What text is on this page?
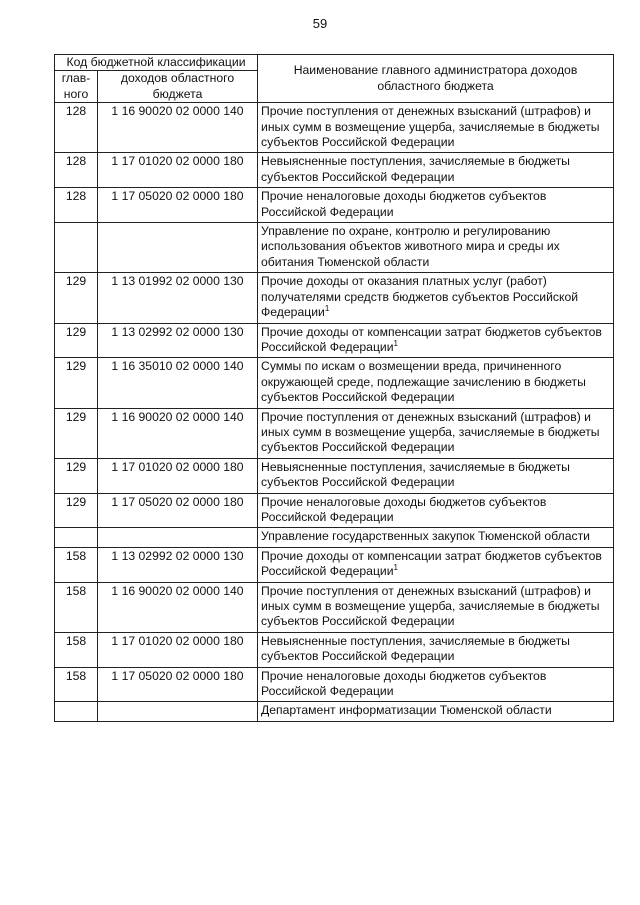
59
Код бюджетной классификации		Наименование главного администратора доходов областного бюджета
глав-ного	доходов областного бюджета	
128	1 16 90020 02 0000 140	Прочие поступления от денежных взысканий (штрафов) и иных сумм в возмещение ущерба, зачисляемые в бюджеты субъектов Российской Федерации
128	1 17 01020 02 0000 180	Невыясненные поступления, зачисляемые в бюджеты субъектов Российской Федерации
128	1 17 05020 02 0000 180	Прочие неналоговые доходы бюджетов субъектов Российской Федерации
		Управление по охране, контролю и регулированию использования объектов животного мира и среды их обитания Тюменской области
129	1 13 01992 02 0000 130	Прочие доходы от оказания платных услуг (работ) получателями средств бюджетов субъектов Российской Федерации$^1$
129	1 13 02992 02 0000 130	Прочие доходы от компенсации затрат бюджетов субъектов Российской Федерации$^1$
129	1 16 35010 02 0000 140	Суммы по искам о возмещении вреда, причиненного окружающей среде, подлежащие зачислению в бюджеты субъектов Российской Федерации
129	1 16 90020 02 0000 140	Прочие поступления от денежных взысканий (штрафов) и иных сумм в возмещение ущерба, зачисляемые в бюджеты субъектов Российской Федерации
129	1 17 01020 02 0000 180	Невыясненные поступления, зачисляемые в бюджеты субъектов Российской Федерации
129	1 17 05020 02 0000 180	Прочие неналоговые доходы бюджетов субъектов Российской Федерации
		Управление государственных закупок Тюменской области
158	1 13 02992 02 0000 130	Прочие доходы от компенсации затрат бюджетов субъектов Российской Федерации$^1$
158	1 16 90020 02 0000 140	Прочие поступления от денежных взысканий (штрафов) и иных сумм в возмещение ущерба, зачисляемые в бюджеты субъектов Российской Федерации
158	1 17 01020 02 0000 180	Невыясненные поступления, зачисляемые в бюджеты субъектов Российской Федерации
158	1 17 05020 02 0000 180	Прочие неналоговые доходы бюджетов субъектов Российской Федерации
		Департамент информатизации Тюменской области
